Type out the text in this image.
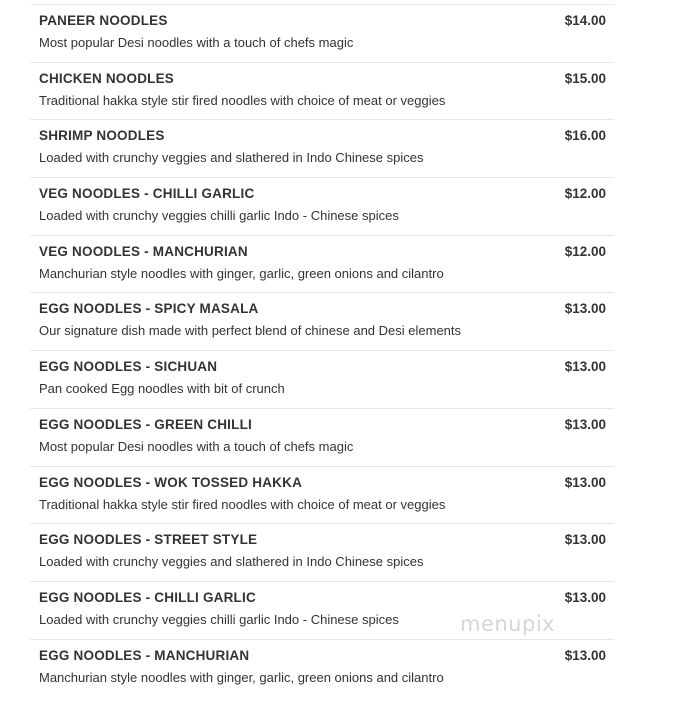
PANEER NOODLES	$14.00
Most popular Desi noodles with a touch of chefs magic
CHICKEN NOODLES	$15.00
Traditional hakka style stir fired noodles with choice of meat or veggies
SHRIMP NOODLES	$16.00
Loaded with crunchy veggies and slathered in Indo Chinese spices
VEG NOODLES - CHILLI GARLIC	$12.00
Loaded with crunchy veggies chilli garlic Indo - Chinese spices
VEG NOODLES - MANCHURIAN	$12.00
Manchurian style noodles with ginger, garlic, green onions and cilantro
EGG NOODLES - SPICY MASALA	$13.00
Our signature dish made with perfect blend of chinese and Desi elements
EGG NOODLES - SICHUAN	$13.00
Pan cooked Egg noodles with bit of crunch
EGG NOODLES - GREEN CHILLI	$13.00
Most popular Desi noodles with a touch of chefs magic
EGG NOODLES - WOK TOSSED HAKKA	$13.00
Traditional hakka style stir fired noodles with choice of meat or veggies
EGG NOODLES - STREET STYLE	$13.00
Loaded with crunchy veggies and slathered in Indo Chinese spices
EGG NOODLES - CHILLI GARLIC	$13.00
Loaded with crunchy veggies chilli garlic Indo - Chinese spices
EGG NOODLES - MANCHURIAN	$13.00
Manchurian style noodles with ginger, garlic, green onions and cilantro
menupix
